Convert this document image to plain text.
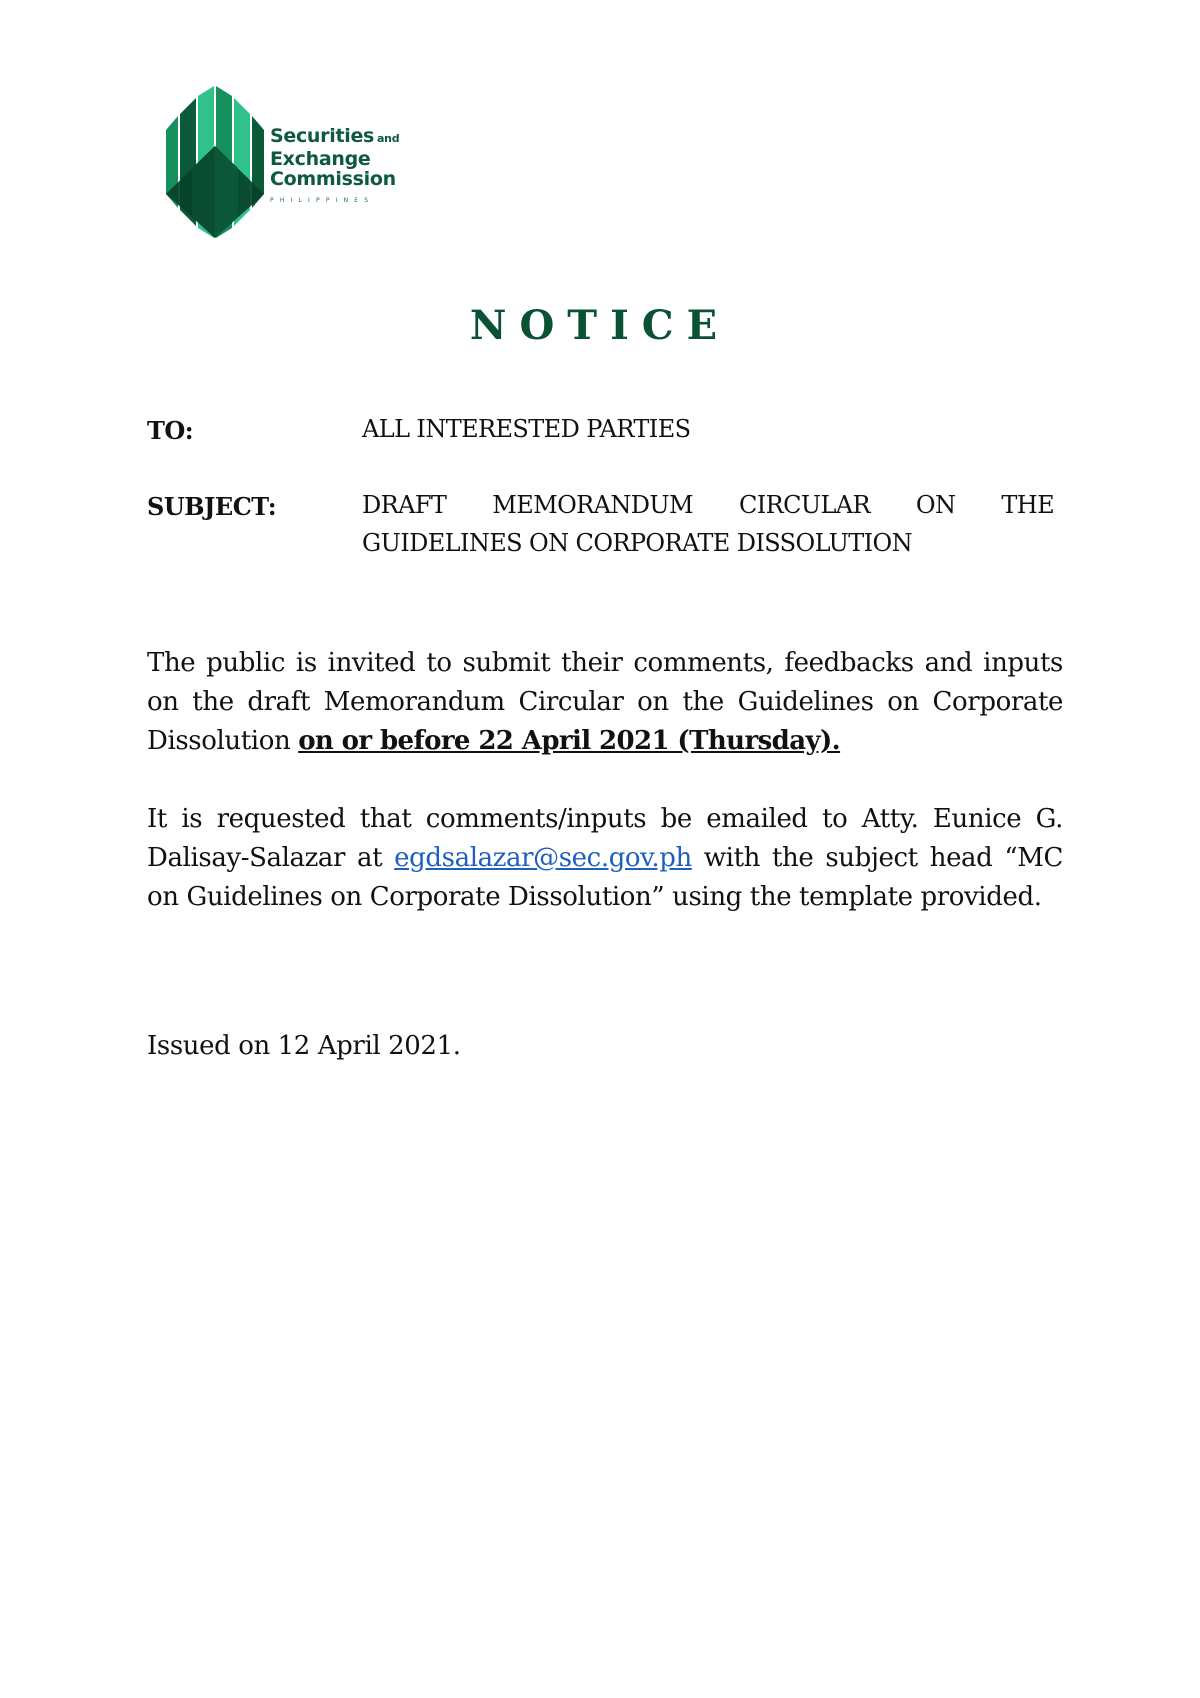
Securities and
Exchange
Commission
PHILIPPINES
NOTICE
TO:	ALL INTERESTED PARTIES
SUBJECT:	DRAFT MEMORANDUM CIRCULAR ON THE
GUIDELINES ON CORPORATE DISSOLUTION
The public is invited to submit their comments, feedbacks and inputs on the draft Memorandum Circular on the Guidelines on Corporate Dissolution on or before 22 April 2021 (Thursday).
It is requested that comments/inputs be emailed to Atty. Eunice G. Dalisay-Salazar at egdsalazar@sec.gov.ph with the subject head “MC on Guidelines on Corporate Dissolution” using the template provided.
Issued on 12 April 2021.
